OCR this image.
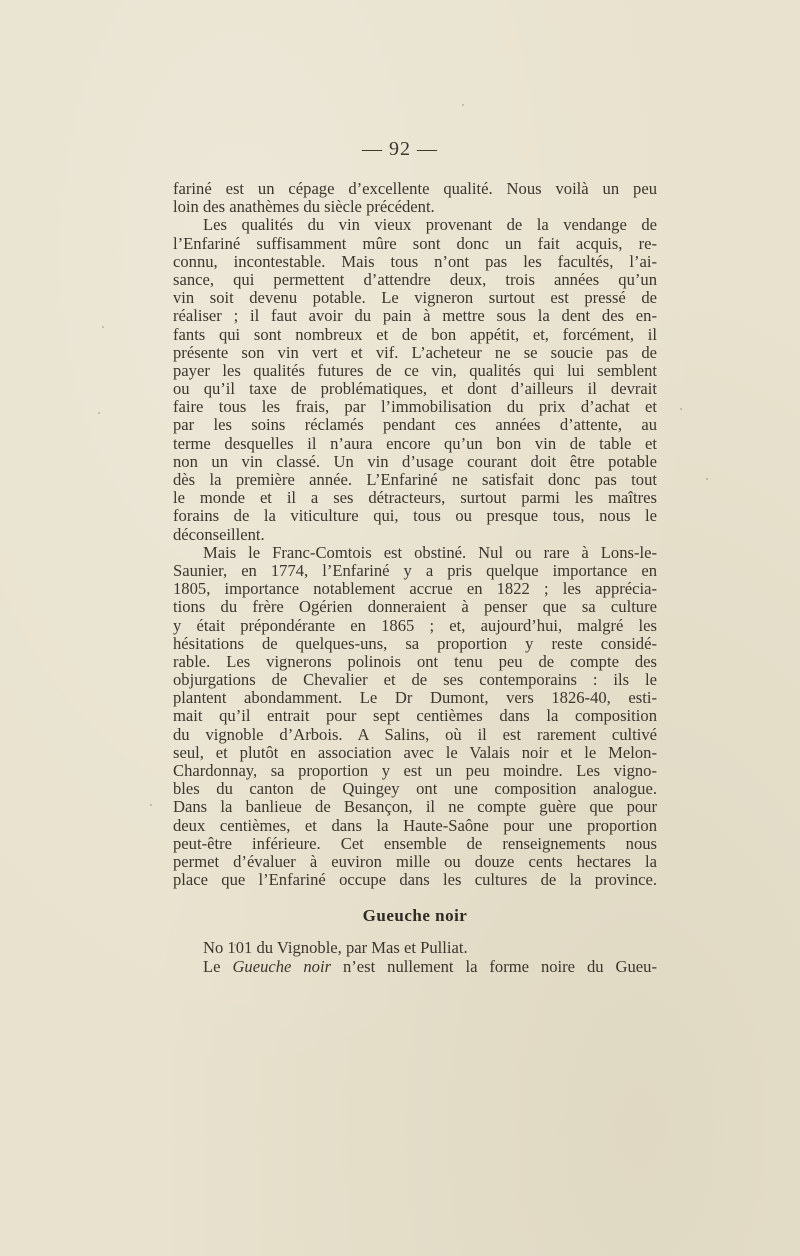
— 92 —
fariné est un cépage d’excellente qualité. Nous voilà un peu
loin des anathèmes du siècle précédent.
Les qualités du vin vieux provenant de la vendange de
l’Enfariné suffisamment mûre sont donc un fait acquis, re-
connu, incontestable. Mais tous n’ont pas les facultés, l’ai-
sance, qui permettent d’attendre deux, trois années qu’un
vin soit devenu potable. Le vigneron surtout est pressé de
réaliser ; il faut avoir du pain à mettre sous la dent des en-
fants qui sont nombreux et de bon appétit, et, forcément, il
présente son vin vert et vif. L’acheteur ne se soucie pas de
payer les qualités futures de ce vin, qualités qui lui semblent
ou qu’il taxe de problématiques, et dont d’ailleurs il devrait
faire tous les frais, par l’immobilisation du prix d’achat et
par les soins réclamés pendant ces années d’attente, au
terme desquelles il n’aura encore qu’un bon vin de table et
non un vin classé. Un vin d’usage courant doit être potable
dès la première année. L’Enfariné ne satisfait donc pas tout
le monde et il a ses détracteurs, surtout parmi les maîtres
forains de la viticulture qui, tous ou presque tous, nous le
déconseillent.
Mais le Franc-Comtois est obstiné. Nul ou rare à Lons-le-
Saunier, en 1774, l’Enfariné y a pris quelque importance en
1805, importance notablement accrue en 1822 ; les apprécia-
tions du frère Ogérien donneraient à penser que sa culture
y était prépondérante en 1865 ; et, aujourd’hui, malgré les
hésitations de quelques-uns, sa proportion y reste considé-
rable. Les vignerons polinois ont tenu peu de compte des
objurgations de Chevalier et de ses contemporains : ils le
plantent abondamment. Le Dr Dumont, vers 1826-40, esti-
mait qu’il entrait pour sept centièmes dans la composition
du vignoble d’Arbois. A Salins, où il est rarement cultivé
seul, et plutôt en association avec le Valais noir et le Melon-
Chardonnay, sa proportion y est un peu moindre. Les vigno-
bles du canton de Quingey ont une composition analogue.
Dans la banlieue de Besançon, il ne compte guère que pour
deux centièmes, et dans la Haute-Saône pour une proportion
peut-être inférieure. Cet ensemble de renseignements nous
permet d’évaluer à euviron mille ou douze cents hectares la
place que l’Enfariné occupe dans les cultures de la province.
Gueuche noir
No 101 du Vignoble, par Mas et Pulliat.
Le Gueuche noir n’est nullement la forme noire du Gueu-
